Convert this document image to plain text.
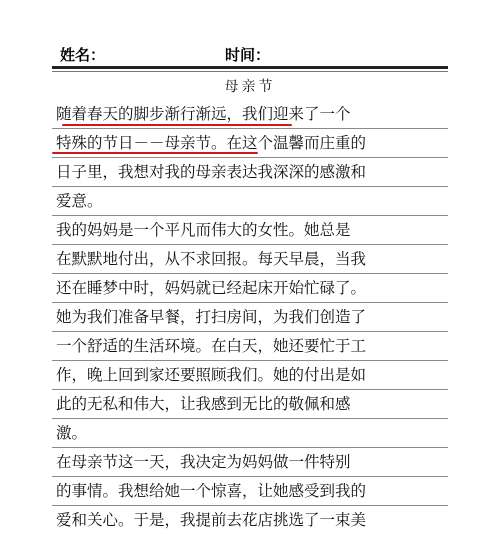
姓名：	时间：
母亲节
随着春天的脚步渐行渐远，我们迎来了一个
特殊的节日－－母亲节。在这个温馨而庄重的
日子里，我想对我的母亲表达我深深的感激和
爱意。
我的妈妈是一个平凡而伟大的女性。她总是
在默默地付出，从不求回报。每天早晨，当我
还在睡梦中时，妈妈就已经起床开始忙碌了。
她为我们准备早餐，打扫房间，为我们创造了
一个舒适的生活环境。在白天，她还要忙于工
作，晚上回到家还要照顾我们。她的付出是如
此的无私和伟大，让我感到无比的敬佩和感
激。
在母亲节这一天，我决定为妈妈做一件特别
的事情。我想给她一个惊喜，让她感受到我的
爱和关心。于是，我提前去花店挑选了一束美
